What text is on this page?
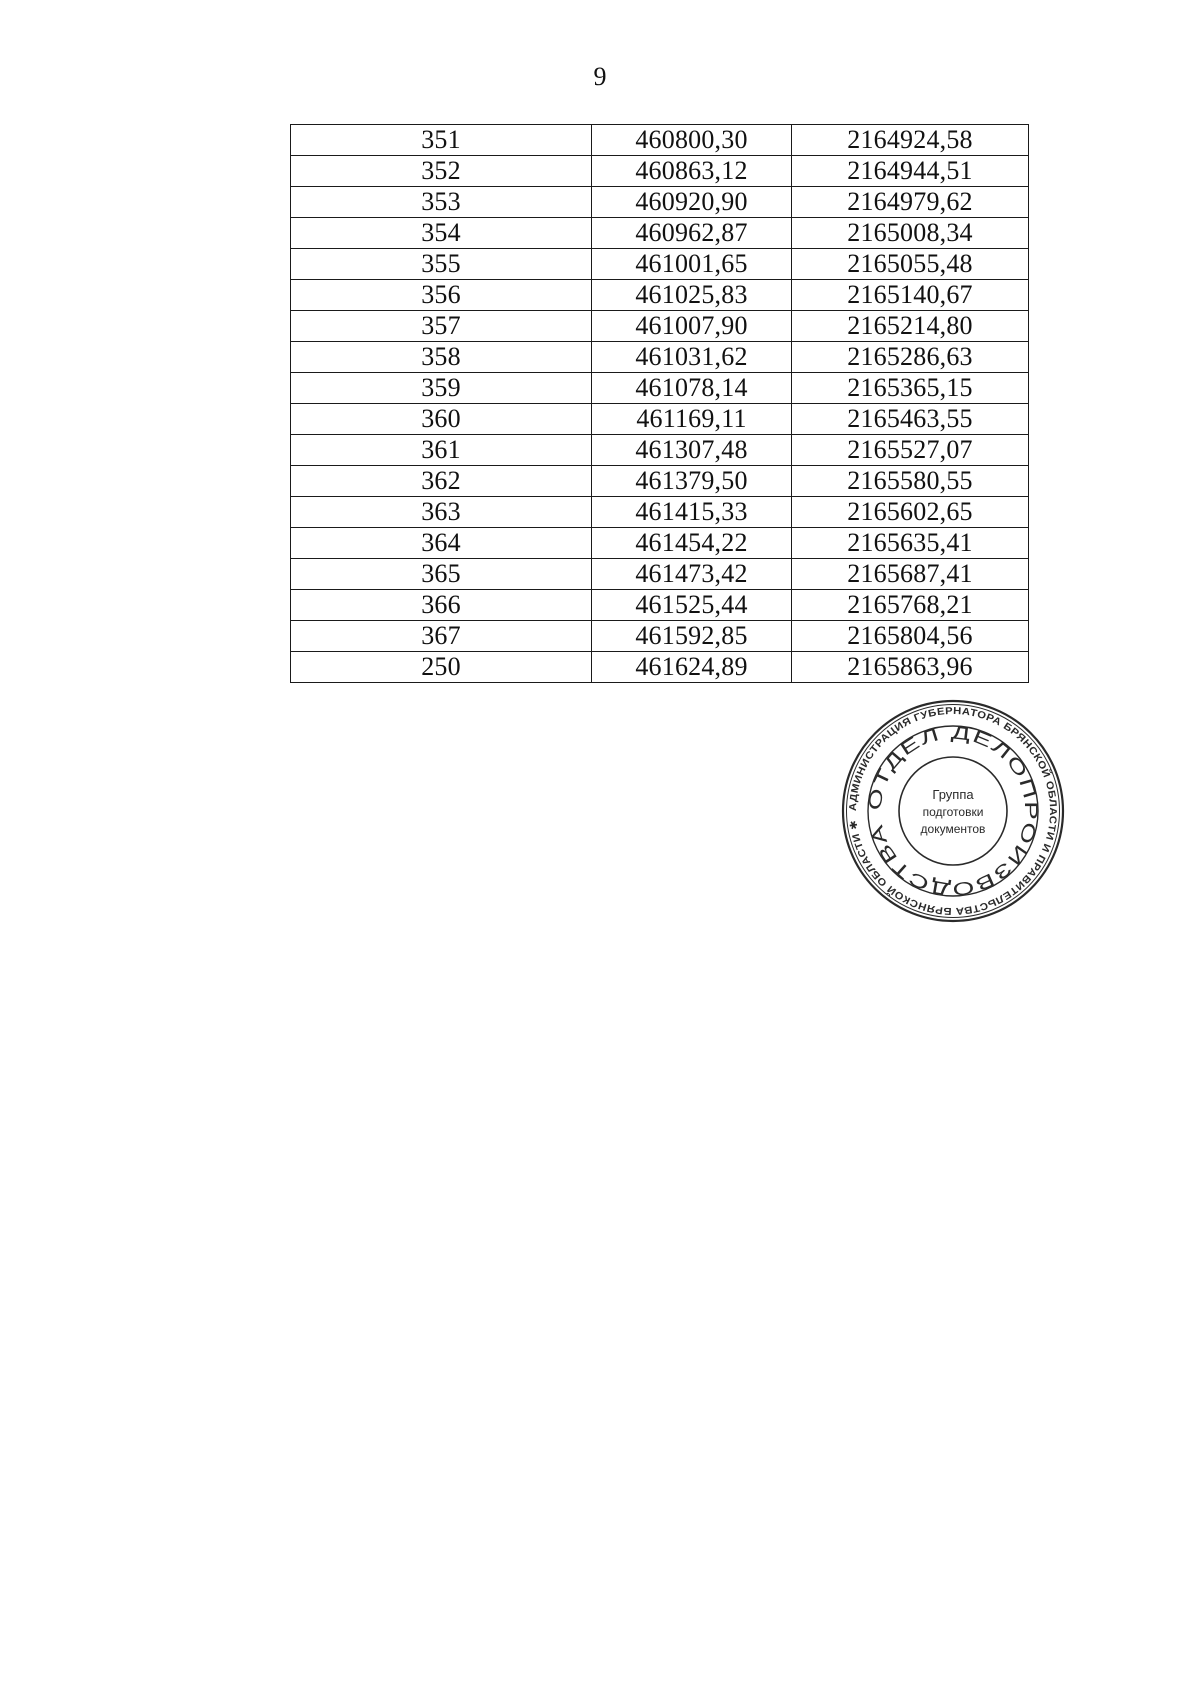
9
351	460800,30	2164924,58
352	460863,12	2164944,51
353	460920,90	2164979,62
354	460962,87	2165008,34
355	461001,65	2165055,48
356	461025,83	2165140,67
357	461007,90	2165214,80
358	461031,62	2165286,63
359	461078,14	2165365,15
360	461169,11	2165463,55
361	461307,48	2165527,07
362	461379,50	2165580,55
363	461415,33	2165602,65
364	461454,22	2165635,41
365	461473,42	2165687,41
366	461525,44	2165768,21
367	461592,85	2165804,56
250	461624,89	2165863,96
АДМИНИСТРАЦИЯ ГУБЕРНАТОРА БРЯНСКОЙ ОБЛАСТИ И ПРАВИТЕЛЬСТВА БРЯНСКОЙ ОБЛАСТИ ✱
ОТДЕЛ ДЕЛОПРОИЗВОДСТВА
Группа
подготовки
документов
